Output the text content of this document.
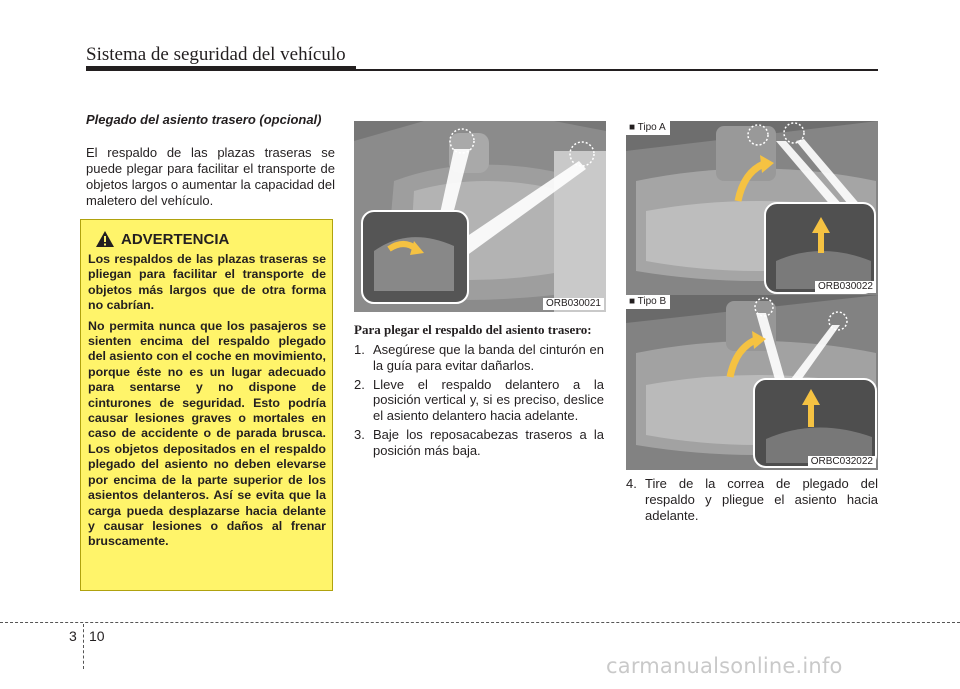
Sistema de seguridad del vehículo
Plegado del asiento trasero (opcional)
El respaldo de las plazas traseras se puede plegar para facilitar el transporte de objetos largos o aumentar la capacidad del maletero del vehículo.
ADVERTENCIA

Los respaldos de las plazas traseras se pliegan para facilitar el transporte de objetos más largos que de otra forma no cabrían.

No permita nunca que los pasajeros se sienten encima del respaldo plegado del asiento con el coche en movimiento, porque éste no es un lugar adecuado para sentarse y no dispone de cinturones de seguridad. Esto podría causar lesiones graves o mortales en caso de accidente o de parada brusca. Los objetos depositados en el respaldo plegado del asiento no deben elevarse por encima de la parte superior de los asientos delanteros. Así se evita que la carga pueda desplazarse hacia delante y causar lesiones o daños al frenar bruscamente.

ORB030021
Para plegar el respaldo del asiento trasero:
1. Asegúrese que la banda del cinturón en la guía para evitar dañarlos.
2. Lleve el respaldo delantero a la posición vertical y, si es preciso, deslice el asiento delantero hacia adelante.
3. Baje los reposacabezas traseros a la posición más baja.
■ Tipo A
ORB030022
■ Tipo B
ORBC032022
4. Tire de la correa de plegado del respaldo y pliegue el asiento hacia adelante.
3 10
carmanualsonline.info
